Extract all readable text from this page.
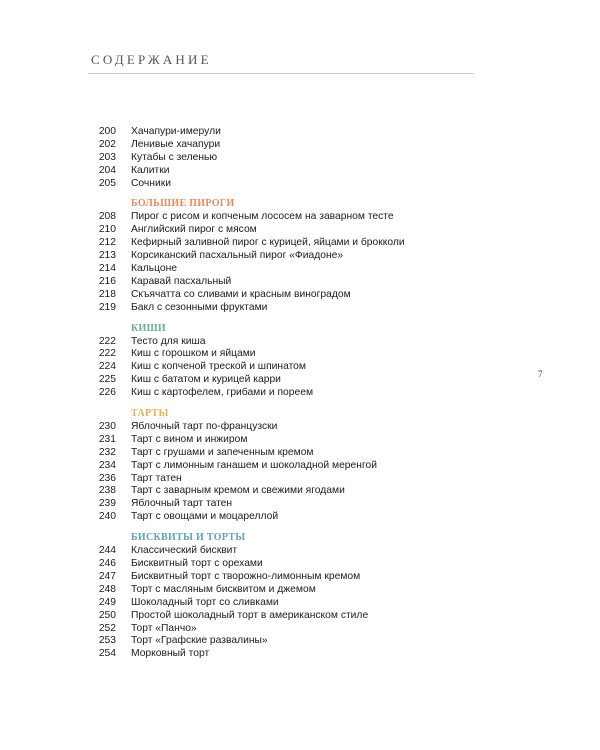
СОДЕРЖАНИЕ
7
200 Хачапури-имерули
202 Ленивые хачапури
203 Кутабы с зеленью
204 Калитки
205 Сочники
БОЛЬШИЕ ПИРОГИ
208 Пирог с рисом и копченым лососем на заварном тесте
210 Английский пирог с мясом
212 Кефирный заливной пирог с курицей, яйцами и брокколи
213 Корсиканский пасхальный пирог «Фиадоне»
214 Кальцоне
216 Каравай пасхальный
218 Скъячатта со сливами и красным виноградом
219 Бакл с сезонными фруктами
КИШИ
222 Тесто для киша
222 Киш с горошком и яйцами
224 Киш с копченой треской и шпинатом
225 Киш с бататом и курицей карри
226 Киш с картофелем, грибами и пореем
ТАРТЫ
230 Яблочный тарт по-французски
231 Тарт с вином и инжиром
232 Тарт с грушами и запеченным кремом
234 Тарт с лимонным ганашем и шоколадной меренгой
236 Тарт татен
238 Тарт с заварным кремом и свежими ягодами
239 Яблочный тарт татен
240 Тарт с овощами и моцареллой
БИСКВИТЫ И ТОРТЫ
244 Классический бисквит
246 Бисквитный торт с орехами
247 Бисквитный торт с творожно-лимонным кремом
248 Торт с масляным бисквитом и джемом
249 Шоколадный торт со сливками
250 Простой шоколадный торт в американском стиле
252 Торт «Панчо»
253 Торт «Графские развалины»
254 Морковный торт
